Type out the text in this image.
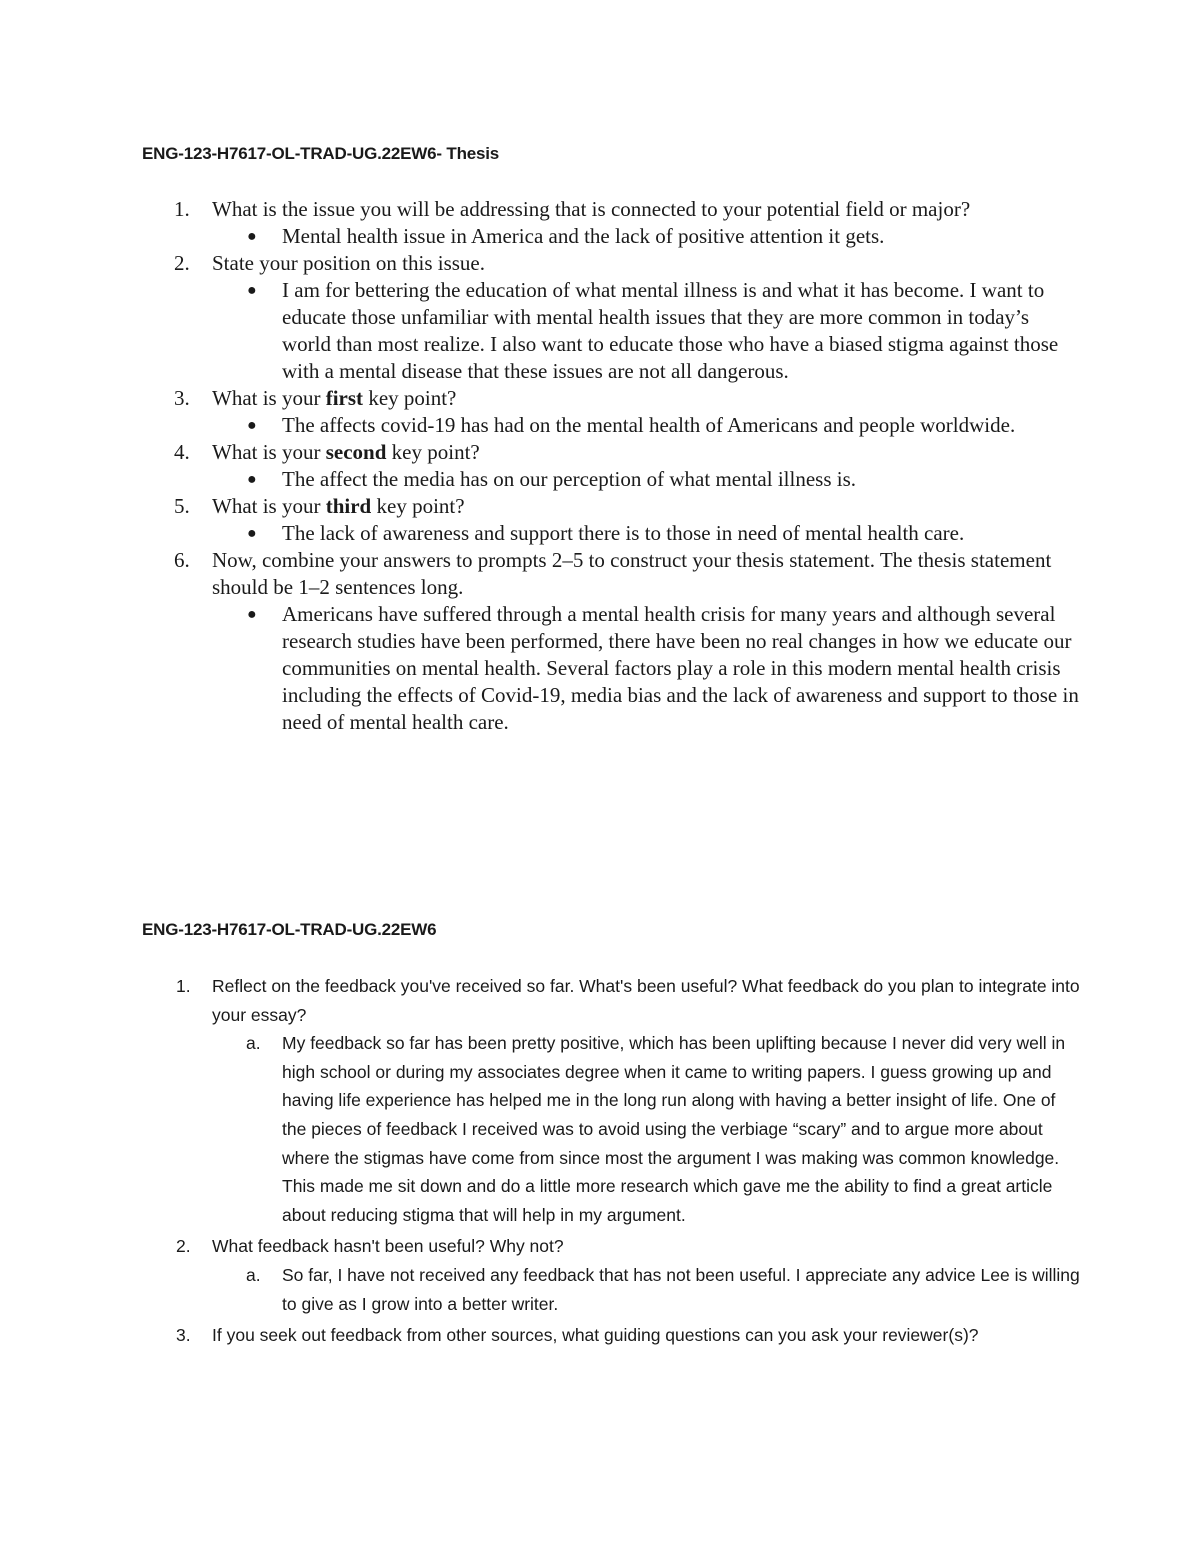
ENG-123-H7617-OL-TRAD-UG.22EW6- Thesis

1. What is the issue you will be addressing that is connected to your potential field or major?

● Mental health issue in America and the lack of positive attention it gets.

2. State your position on this issue.

● I am for bettering the education of what mental illness is and what it has become. I want to educate those unfamiliar with mental health issues that they are more common in today’s world than most realize. I also want to educate those who have a biased stigma against those with a mental disease that these issues are not all dangerous.

3. What is your first key point?

● The affects covid-19 has had on the mental health of Americans and people worldwide.

4. What is your second key point?

● The affect the media has on our perception of what mental illness is.

5. What is your third key point?

● The lack of awareness and support there is to those in need of mental health care.

6. Now, combine your answers to prompts 2–5 to construct your thesis statement. The thesis statement should be 1–2 sentences long.

● Americans have suffered through a mental health crisis for many years and although several research studies have been performed, there have been no real changes in how we educate our communities on mental health. Several factors play a role in this modern mental health crisis including the effects of Covid-19, media bias and the lack of awareness and support to those in need of mental health care.

ENG-123-H7617-OL-TRAD-UG.22EW6

1. Reflect on the feedback you've received so far. What's been useful? What feedback do you plan to integrate into your essay?

a. My feedback so far has been pretty positive, which has been uplifting because I never did very well in high school or during my associates degree when it came to writing papers. I guess growing up and having life experience has helped me in the long run along with having a better insight of life. One of the pieces of feedback I received was to avoid using the verbiage “scary” and to argue more about where the stigmas have come from since most the argument I was making was common knowledge. This made me sit down and do a little more research which gave me the ability to find a great article about reducing stigma that will help in my argument.

2. What feedback hasn't been useful? Why not?

a. So far, I have not received any feedback that has not been useful. I appreciate any advice Lee is willing to give as I grow into a better writer.

3. If you seek out feedback from other sources, what guiding questions can you ask your reviewer(s)?
